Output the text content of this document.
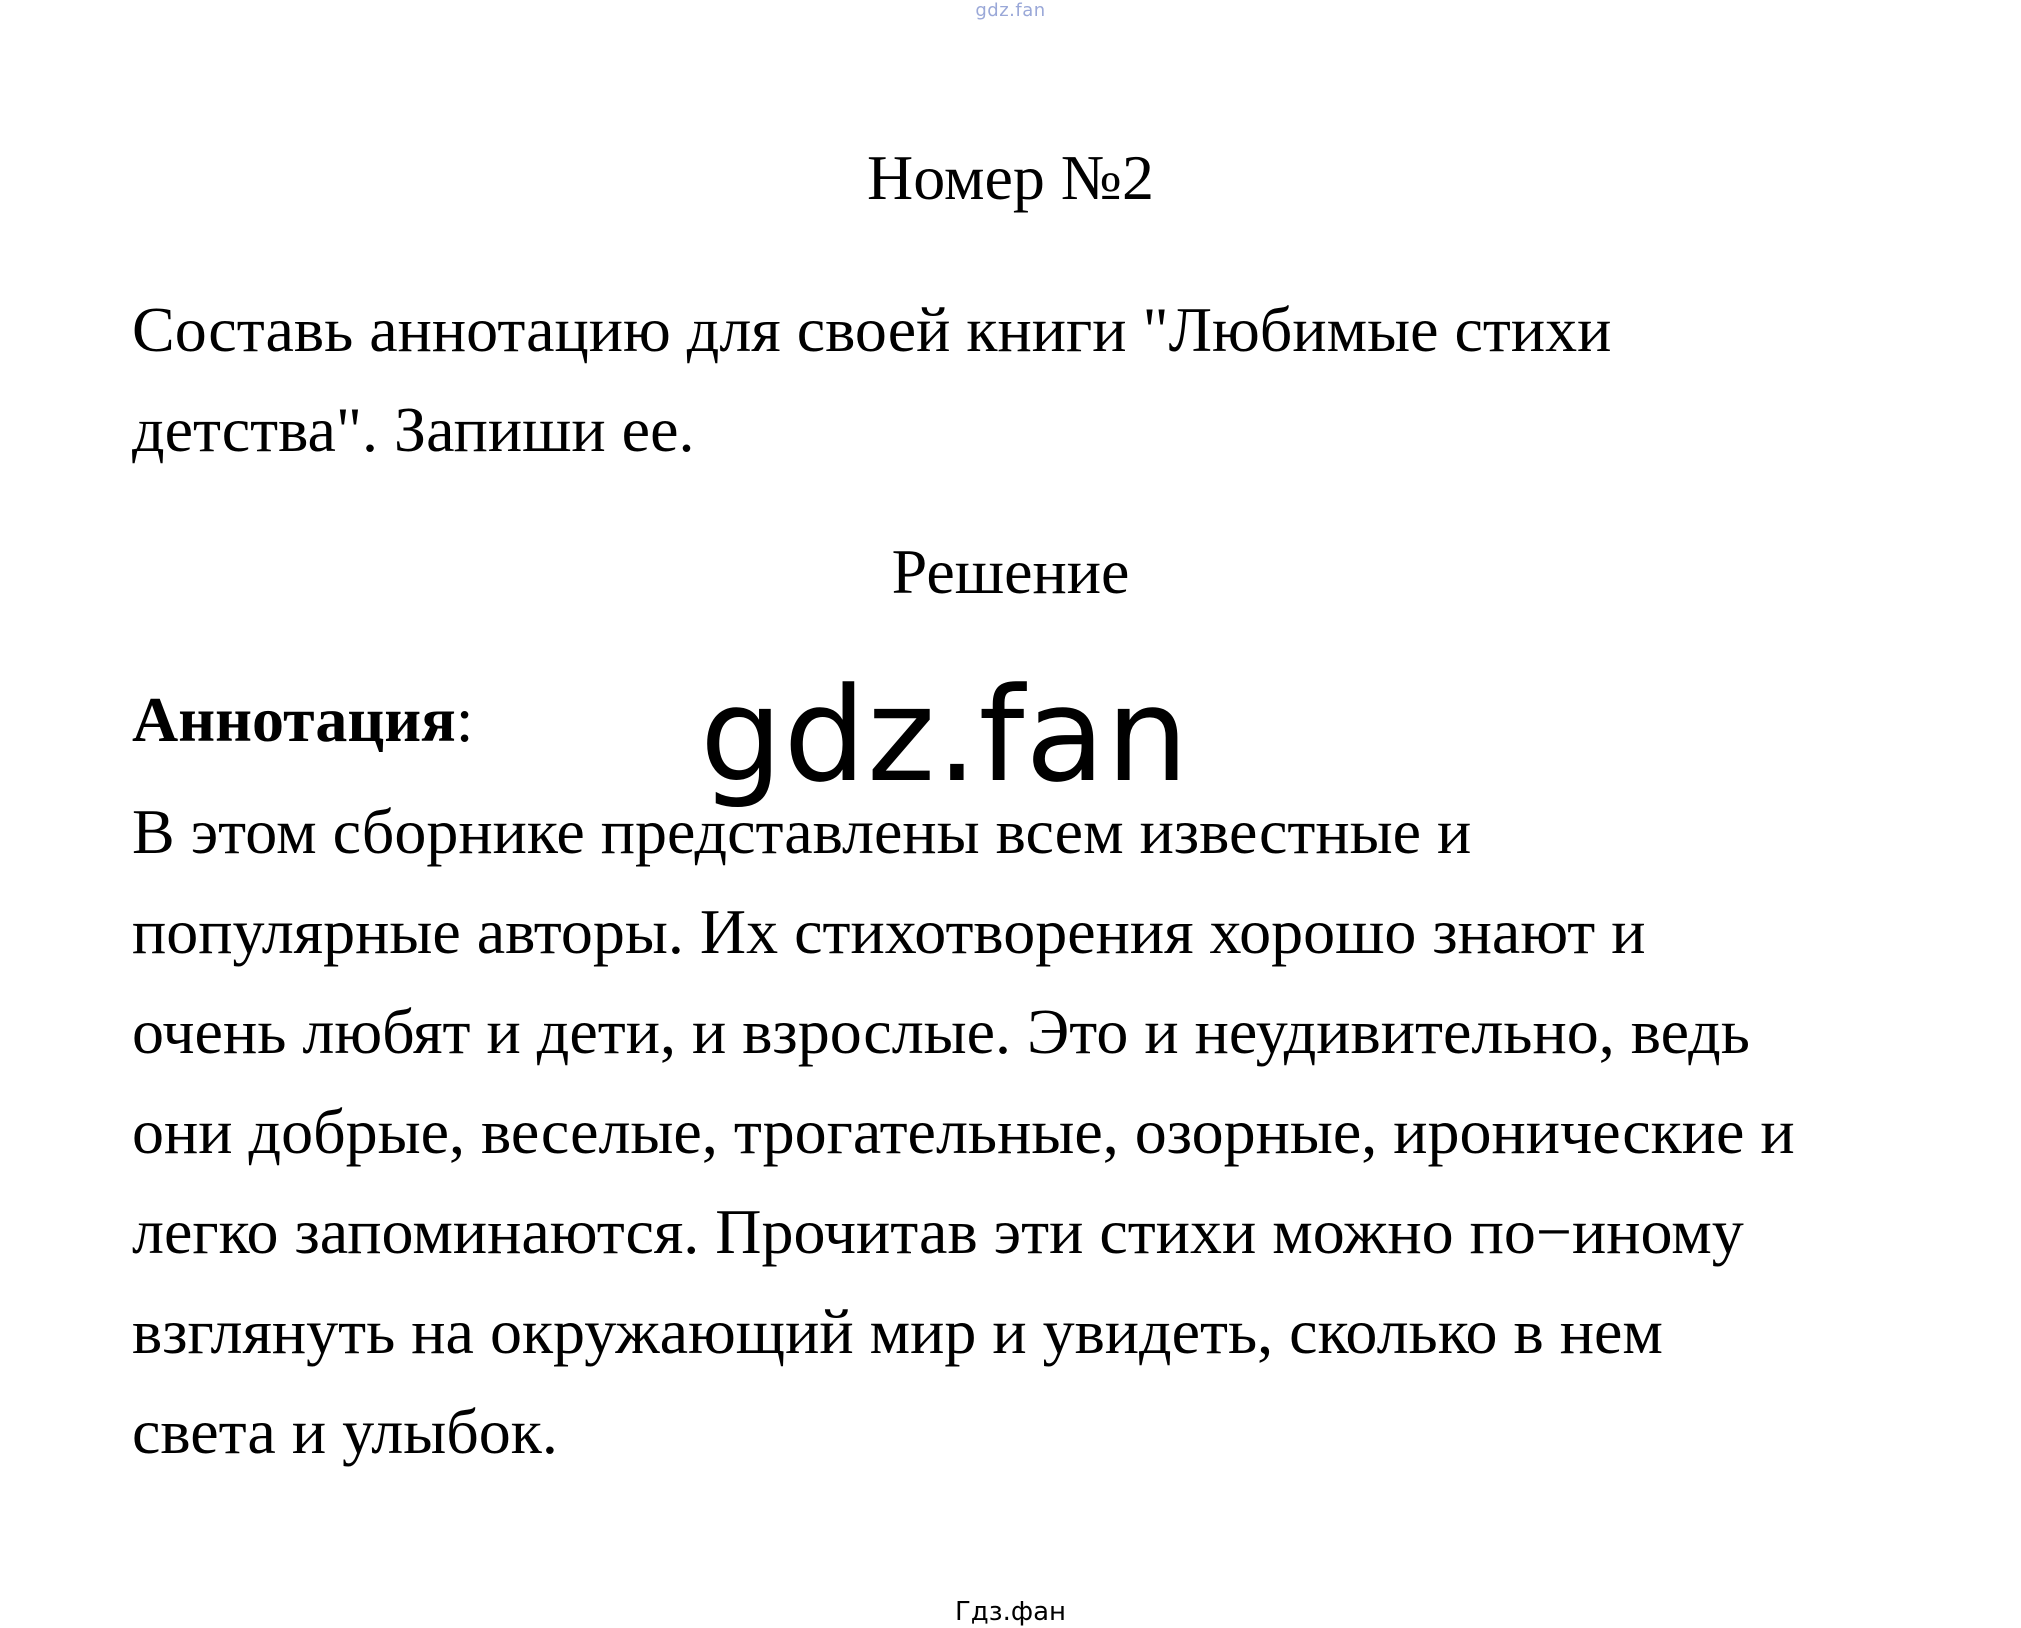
gdz.fan
Номер №2
Составь аннотацию для своей книги "Любимые стихи
детства". Запиши ее.
Решение
Аннотация:
В этом сборнике представлены всем известные и
популярные авторы. Их стихотворения хорошо знают и
очень любят и дети, и взрослые. Это и неудивительно, ведь
они добрые, веселые, трогательные, озорные, иронические и
легко запоминаются. Прочитав эти стихи можно по−иному
взглянуть на окружающий мир и увидеть, сколько в нем
света и улыбок.
gdz.fan
Гдз.фан
